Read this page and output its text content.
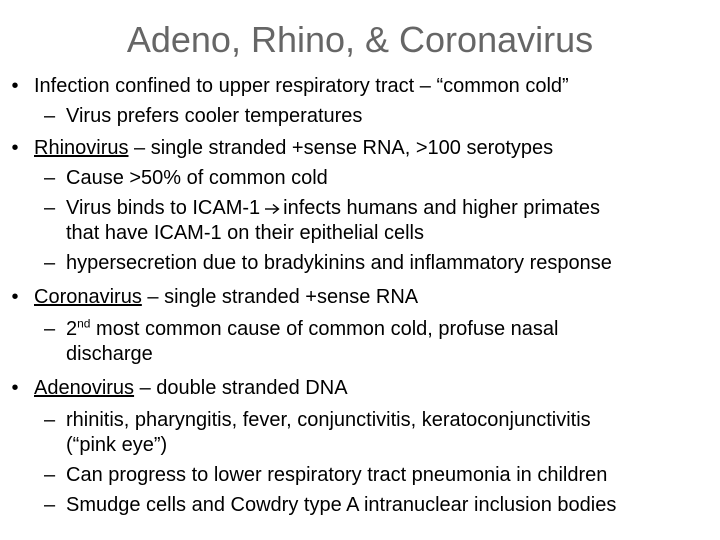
Adeno, Rhino, & Coronavirus
• Infection confined to upper respiratory tract – “common cold”
– Virus prefers cooler temperatures
• Rhinovirus – single stranded +sense RNA, >100 serotypes
– Cause >50% of common cold
– Virus binds to ICAM-1 infects humans and higher primates
that have ICAM-1 on their epithelial cells
– hypersecretion due to bradykinins and inflammatory response
• Coronavirus – single stranded +sense RNA
– 2nd most common cause of common cold, profuse nasal
discharge
• Adenovirus – double stranded DNA
– rhinitis, pharyngitis, fever, conjunctivitis, keratoconjunctivitis
(“pink eye”)
– Can progress to lower respiratory tract pneumonia in children
– Smudge cells and Cowdry type A intranuclear inclusion bodies
